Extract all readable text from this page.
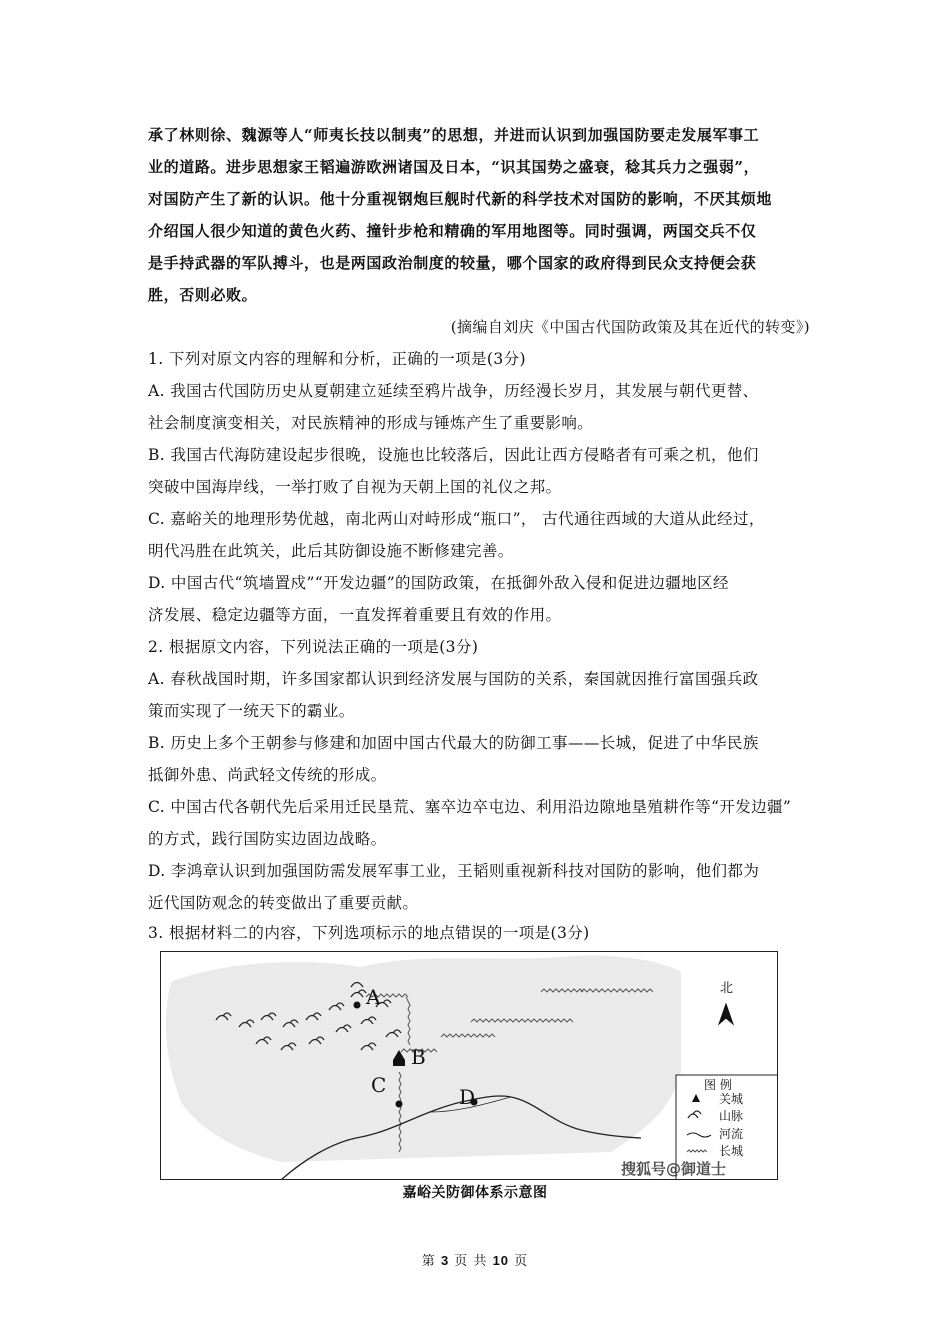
承了林则徐、魏源等人“师夷长技以制夷”的思想，并进而认识到加强国防要走发展军事工
业的道路。进步思想家王韬遍游欧洲诸国及日本，“识其国势之盛衰，稔其兵力之强弱”，
对国防产生了新的认识。他十分重视钢炮巨舰时代新的科学技术对国防的影响，不厌其烦地
介绍国人很少知道的黄色火药、撞针步枪和精确的军用地图等。同时强调，两国交兵不仅
是手持武器的军队搏斗，也是两国政治制度的较量，哪个国家的政府得到民众支持便会获
胜，否则必败。
(摘编自刘庆《中国古代国防政策及其在近代的转变》)
1. 下列对原文内容的理解和分析，正确的一项是(3分)
A. 我国古代国防历史从夏朝建立延续至鸦片战争，历经漫长岁月，其发展与朝代更替、
社会制度演变相关，对民族精神的形成与锤炼产生了重要影响。
B. 我国古代海防建设起步很晚，设施也比较落后，因此让西方侵略者有可乘之机，他们
突破中国海岸线，一举打败了自视为天朝上国的礼仪之邦。
C. 嘉峪关的地理形势优越，南北两山对峙形成“瓶口”， 古代通往西域的大道从此经过，
明代冯胜在此筑关，此后其防御设施不断修建完善。
D. 中国古代“筑墙置戍”“开发边疆”的国防政策，在抵御外敌入侵和促进边疆地区经
济发展、稳定边疆等方面，一直发挥着重要且有效的作用。
2. 根据原文内容，下列说法正确的一项是(3分)
A. 春秋战国时期，许多国家都认识到经济发展与国防的关系，秦国就因推行富国强兵政
策而实现了一统天下的霸业。
B. 历史上多个王朝参与修建和加固中国古代最大的防御工事——长城，促进了中华民族
抵御外患、尚武轻文传统的形成。
C. 中国古代各朝代先后采用迁民垦荒、塞卒边卒屯边、利用沿边隙地垦殖耕作等“开发边疆”
的方式，践行国防实边固边战略。
D. 李鸿章认识到加强国防需发展军事工业，王韬则重视新科技对国防的影响，他们都为
近代国防观念的转变做出了重要贡献。
3. 根据材料二的内容，下列选项标示的地点错误的一项是(3分)
A
B
C	D
北
图 例
关城
山脉
河流
长城
搜狐号@御道士
嘉峪关防御体系示意图
第 3 页 共 10 页
